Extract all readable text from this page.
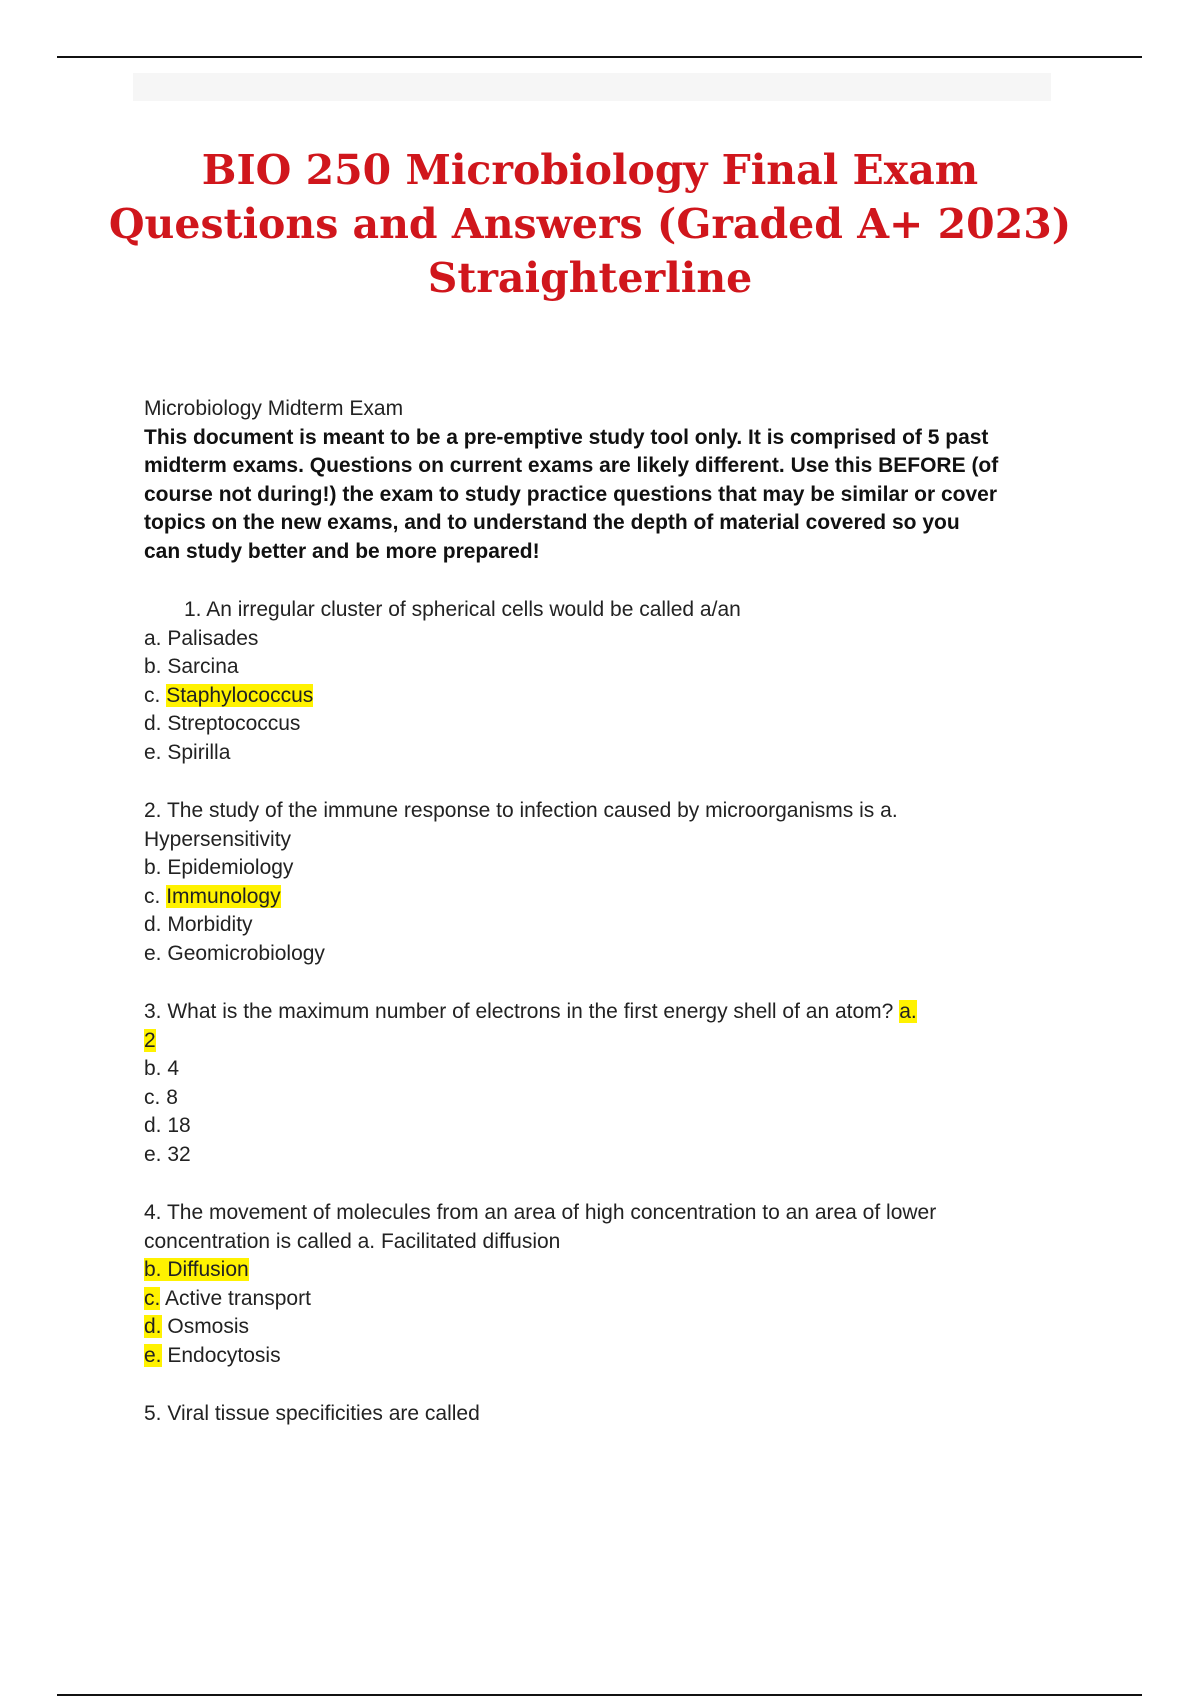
BIO 250 Microbiology Final Exam
Questions and Answers (Graded A+ 2023)
Straighterline
Microbiology Midterm Exam
This document is meant to be a pre-emptive study tool only. It is comprised of 5 past
midterm exams. Questions on current exams are likely different. Use this BEFORE (of
course not during!) the exam to study practice questions that may be similar or cover
topics on the new exams, and to understand the depth of material covered so you
can study better and be more prepared!
1. An irregular cluster of spherical cells would be called a/an
a. Palisades
b. Sarcina
c. Staphylococcus
d. Streptococcus
e. Spirilla
2. The study of the immune response to infection caused by microorganisms is a.
Hypersensitivity
b. Epidemiology
c. Immunology
d. Morbidity
e. Geomicrobiology
3. What is the maximum number of electrons in the first energy shell of an atom? a.
2
b. 4
c. 8
d. 18
e. 32
4. The movement of molecules from an area of high concentration to an area of lower
concentration is called a. Facilitated diffusion
b. Diffusion
c. Active transport
d. Osmosis
e. Endocytosis
5. Viral tissue specificities are called
